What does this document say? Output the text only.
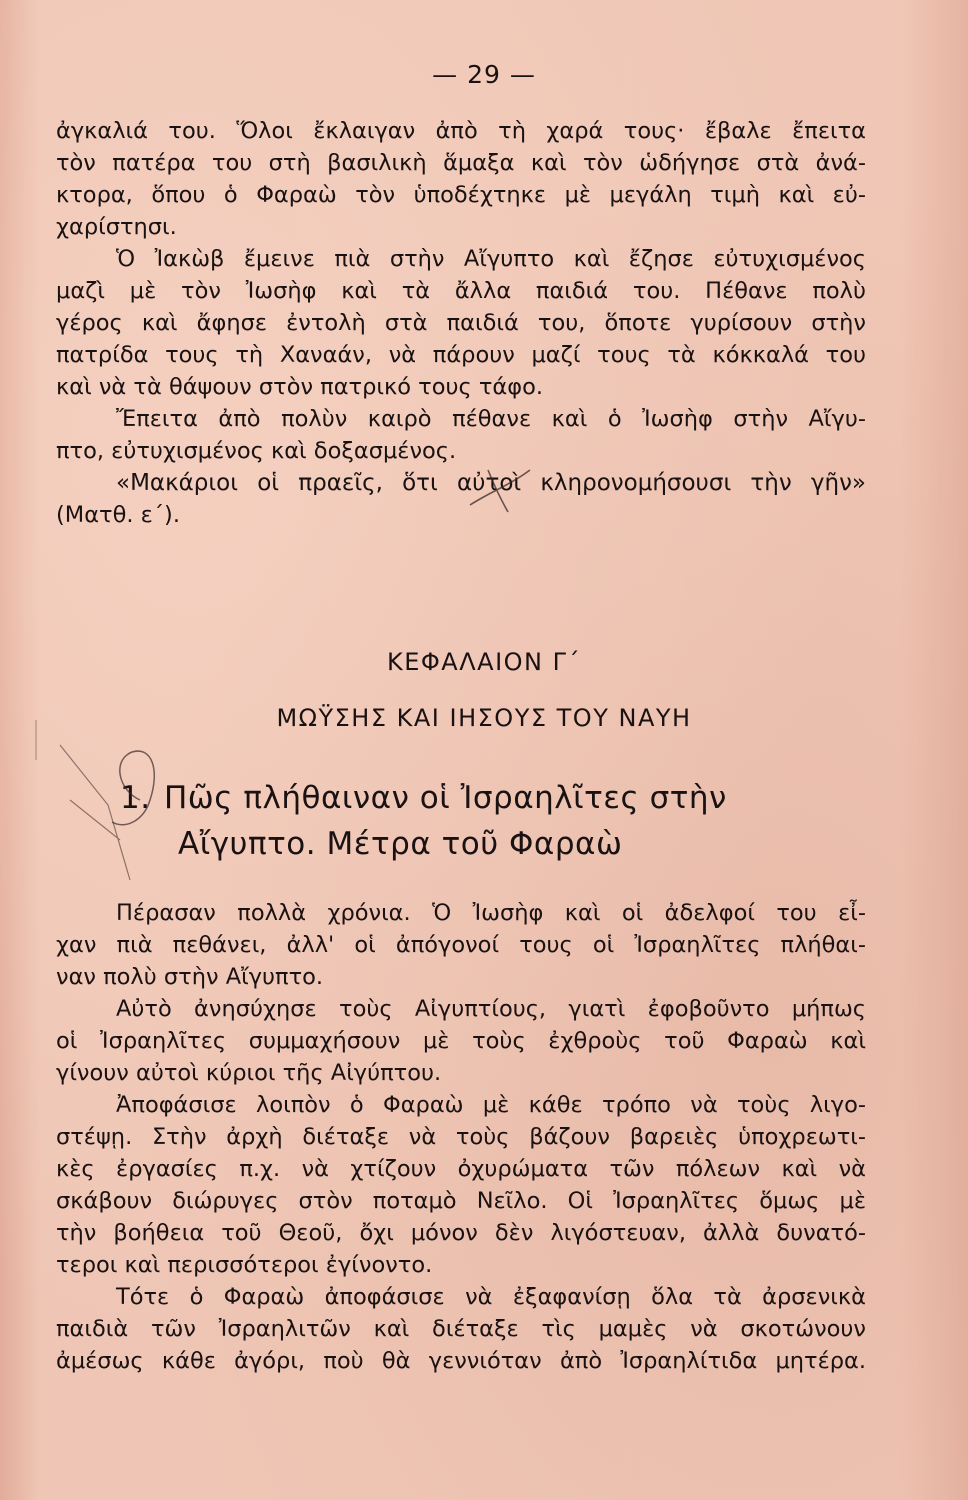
— 29 —
ἀγκαλιά του. Ὅλοι ἔκλαιγαν ἀπὸ τὴ χαρά τους· ἔβαλε ἔπειτα
τὸν πατέρα του στὴ βασιλικὴ ἅμαξα καὶ τὸν ὡδήγησε στὰ ἀνά-
κτορα, ὅπου ὁ Φαραὼ τὸν ὑποδέχτηκε μὲ μεγάλη τιμὴ καὶ εὐ-
χαρίστησι.
Ὁ Ἰακὼβ ἔμεινε πιὰ στὴν Αἴγυπτο καὶ ἔζησε εὐτυχισμένος
μαζὶ μὲ τὸν Ἰωσὴφ καὶ τὰ ἄλλα παιδιά του. Πέθανε πολὺ
γέρος καὶ ἄφησε ἐντολὴ στὰ παιδιά του, ὅποτε γυρίσουν στὴν
πατρίδα τους τὴ Χαναάν, νὰ πάρουν μαζί τους τὰ κόκκαλά του
καὶ νὰ τὰ θάψουν στὸν πατρικό τους τάφο.
Ἔπειτα ἀπὸ πολὺν καιρὸ πέθανε καὶ ὁ Ἰωσὴφ στὴν Αἴγυ-
πτο, εὐτυχισμένος καὶ δοξασμένος.
«Μακάριοι οἱ πραεῖς, ὅτι αὐτοὶ κληρονομήσουσι τὴν γῆν»
(Ματθ. ε΄).
ΚΕΦΑΛΑΙΟΝ Γ΄
ΜΩΫΣΗΣ ΚΑΙ ΙΗΣΟΥΣ ΤΟΥ ΝΑΥΗ
1. Πῶς πλήθαιναν οἱ Ἰσραηλῖτες στὴν
Αἴγυπτο. Μέτρα τοῦ Φαραὼ
Πέρασαν πολλὰ χρόνια. Ὁ Ἰωσὴφ καὶ οἱ ἀδελφοί του εἶ-
χαν πιὰ πεθάνει, ἀλλ' οἱ ἀπόγονοί τους οἱ Ἰσραηλῖτες πλήθαι-
ναν πολὺ στὴν Αἴγυπτο.
Αὐτὸ ἀνησύχησε τοὺς Αἰγυπτίους, γιατὶ ἐφοβοῦντο μήπως
οἱ Ἰσραηλῖτες συμμαχήσουν μὲ τοὺς ἐχθροὺς τοῦ Φαραὼ καὶ
γίνουν αὐτοὶ κύριοι τῆς Αἰγύπτου.
Ἀποφάσισε λοιπὸν ὁ Φαραὼ μὲ κάθε τρόπο νὰ τοὺς λιγο-
στέψῃ. Στὴν ἀρχὴ διέταξε νὰ τοὺς βάζουν βαρειὲς ὑποχρεωτι-
κὲς ἐργασίες π.χ. νὰ χτίζουν ὀχυρώματα τῶν πόλεων καὶ νὰ
σκάβουν διώρυγες στὸν ποταμὸ Νεῖλο. Οἱ Ἰσραηλῖτες ὅμως μὲ
τὴν βοήθεια τοῦ Θεοῦ, ὄχι μόνον δὲν λιγόστευαν, ἀλλὰ δυνατό-
τεροι καὶ περισσότεροι ἐγίνοντο.
Τότε ὁ Φαραὼ ἀποφάσισε νὰ ἐξαφανίσῃ ὅλα τὰ ἀρσενικὰ
παιδιὰ τῶν Ἰσραηλιτῶν καὶ διέταξε τὶς μαμὲς νὰ σκοτώνουν
ἀμέσως κάθε ἀγόρι, ποὺ θὰ γεννιόταν ἀπὸ Ἰσραηλίτιδα μητέρα.
